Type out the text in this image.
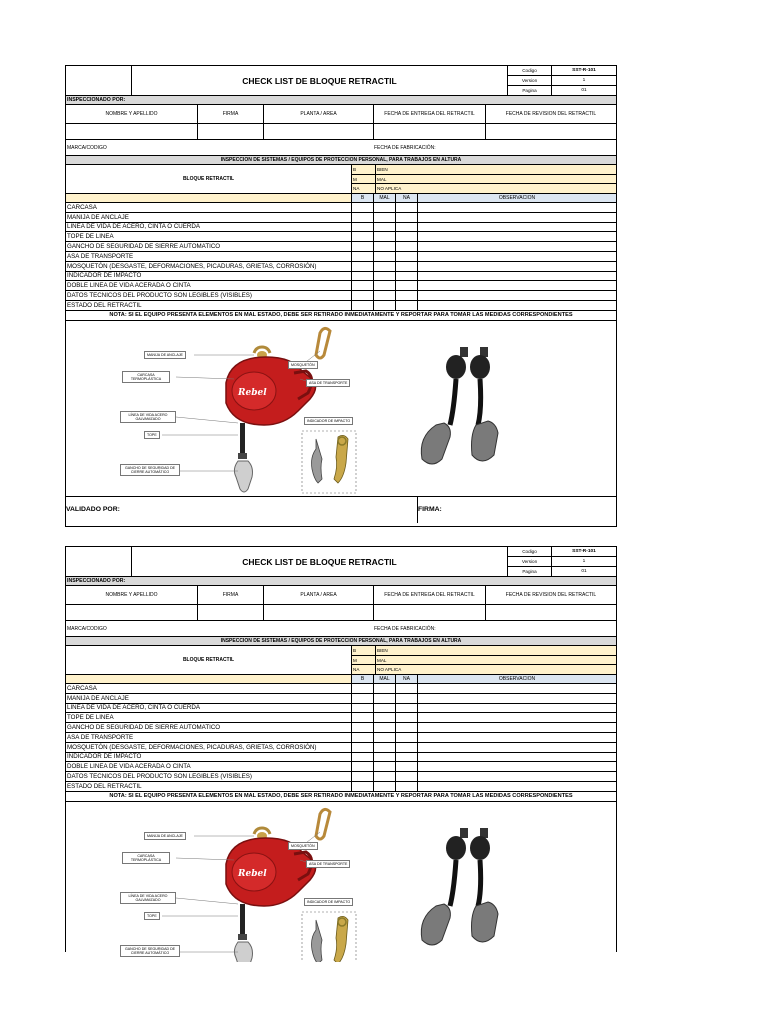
CHECK LIST DE BLOQUE RETRACTIL
Codigo	SST-R-101
Version	1
Pagina	01
INSPECCIONADO POR:
NOMBRE Y APELLIDO	FIRMA	PLANTA / AREA	FECHA DE ENTREGA DEL RETRACTIL	FECHA DE REVISION DEL RETRACTIL
MARCA/CODIGO	FECHA DE FABRICACIÓN:
INSPECCION DE SISTEMAS / EQUIPOS DE PROTECCION PERSONAL, PARA TRABAJOS EN ALTURA
BLOQUE RETRACTIL
B	BIEN
M	MAL
NA	NO APLICA
B	MAL	NA	OBSERVACION
CARCASA
MANIJA DE ANCLAJE
LINEA DE VIDA DE ACERO, CINTA O CUERDA
TOPE DE LINEA
GANCHO DE SEGURIDAD DE SIERRE AUTOMATICO
ASA DE TRANSPORTE
MOSQUETÓN (DESGASTE, DEFORMACIONES, PICADURAS, GRIETAS, CORROSIÓN)
INDICADOR DE IMPACTO
DOBLE LINEA DE VIDA ACERADA O CINTA
DATOS TECNICOS DEL PRODUCTO SON LEGIBLES (VISIBLES)
ESTADO DEL RETRACTIL
NOTA: SI EL EQUIPO PRESENTA ELEMENTOS EN MAL ESTADO, DEBE SER RETIRADO INMEDIATAMENTE Y REPORTAR PARA TOMAR LAS MEDIDAS CORRESPONDIENTES
Rebel
MANIJA DE ANCLAJE
CARCASA TERMOPLÁSTICA
LÍNEA DE VIDA ACERO GALVANIZADO
TOPE
GANCHO DE SEGURIDAD DE CIERRE AUTOMÁTICO
MOSQUETÓN
ASA DE TRANSPORTE
INDICADOR DE IMPACTO
VALIDADO POR:	FIRMA:
CHECK LIST DE BLOQUE RETRACTIL
Codigo	SST-R-101
Version	1
Pagina	01
INSPECCIONADO POR:
NOMBRE Y APELLIDO	FIRMA	PLANTA / AREA	FECHA DE ENTREGA DEL RETRACTIL	FECHA DE REVISION DEL RETRACTIL
MARCA/CODIGO	FECHA DE FABRICACIÓN:
INSPECCION DE SISTEMAS / EQUIPOS DE PROTECCION PERSONAL, PARA TRABAJOS EN ALTURA
BLOQUE RETRACTIL
B	BIEN
M	MAL
NA	NO APLICA
B	MAL	NA	OBSERVACION
CARCASA
MANIJA DE ANCLAJE
LINEA DE VIDA DE ACERO, CINTA O CUERDA
TOPE DE LINEA
GANCHO DE SEGURIDAD DE SIERRE AUTOMATICO
ASA DE TRANSPORTE
MOSQUETÓN (DESGASTE, DEFORMACIONES, PICADURAS, GRIETAS, CORROSIÓN)
INDICADOR DE IMPACTO
DOBLE LINEA DE VIDA ACERADA O CINTA
DATOS TECNICOS DEL PRODUCTO SON LEGIBLES (VISIBLES)
ESTADO DEL RETRACTIL
NOTA: SI EL EQUIPO PRESENTA ELEMENTOS EN MAL ESTADO, DEBE SER RETIRADO INMEDIATAMENTE Y REPORTAR PARA TOMAR LAS MEDIDAS CORRESPONDIENTES
Rebel
MANIJA DE ANCLAJE
CARCASA TERMOPLÁSTICA
LÍNEA DE VIDA ACERO GALVANIZADO
TOPE
GANCHO DE SEGURIDAD DE CIERRE AUTOMÁTICO
MOSQUETÓN
ASA DE TRANSPORTE
INDICADOR DE IMPACTO
